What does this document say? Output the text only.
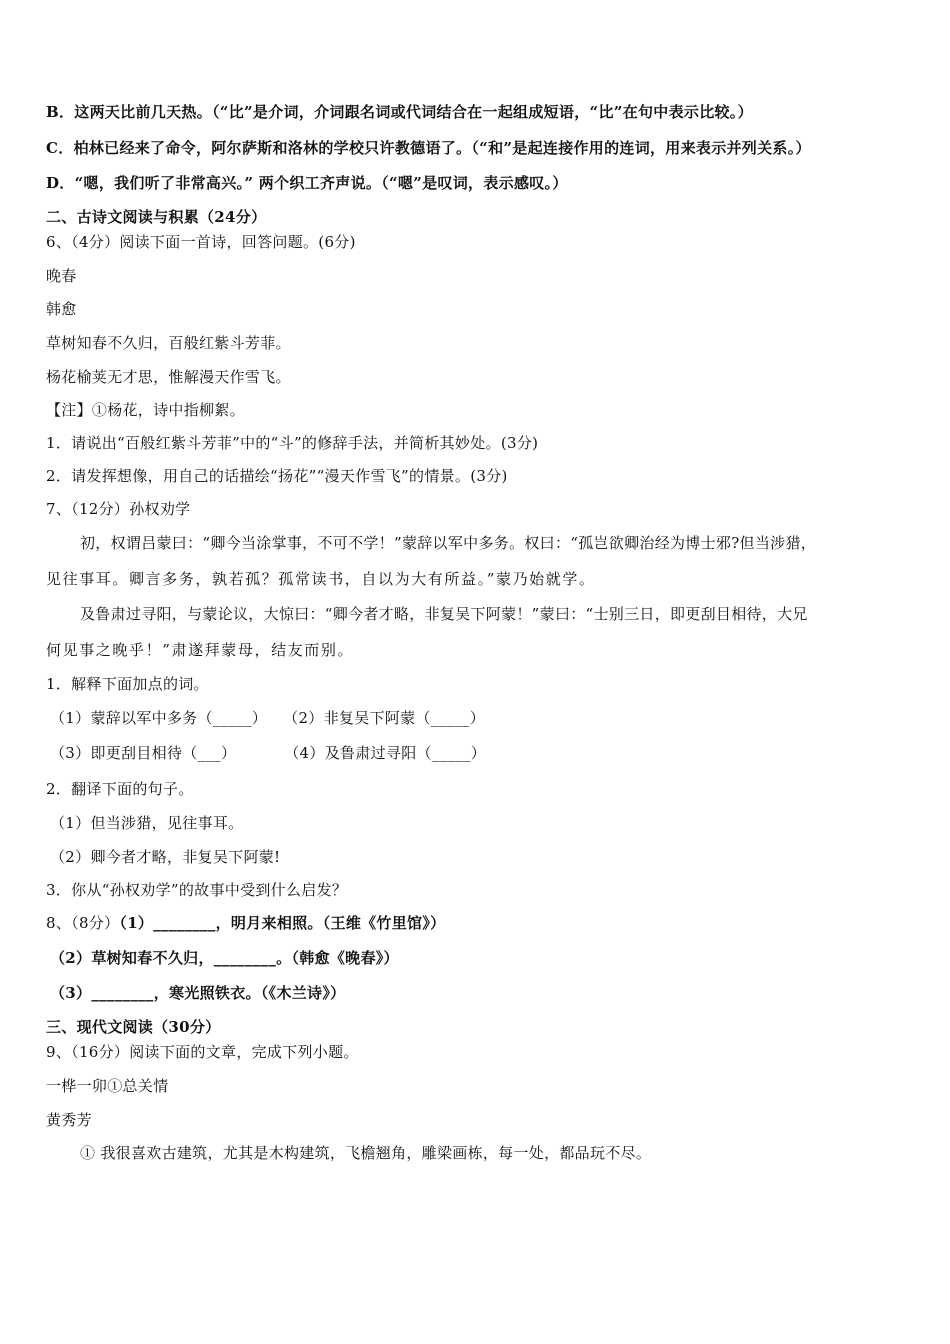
B．这两天比前几天热。（“比”是介词，介词跟名词或代词结合在一起组成短语，“比”在句中表示比较。）
C．柏林已经来了命令，阿尔萨斯和洛林的学校只许教德语了。（“和”是起连接作用的连词，用来表示并列关系。）
D．“嗯，我们听了非常高兴。” 两个织工齐声说。（“嗯”是叹词，表示感叹。）
二、古诗文阅读与积累（24分）
6、（4分）阅读下面一首诗，回答问题。(6分)
晚春
韩愈
草树知春不久归，百般红紫斗芳菲。
杨花榆荚无才思，惟解漫天作雪飞。
【注】①杨花，诗中指柳絮。
1．请说出“百般红紫斗芳菲”中的“斗”的修辞手法，并简析其妙处。(3分)
2．请发挥想像，用自己的话描绘“扬花”“漫天作雪飞”的情景。(3分)
7、（12分）孙权劝学
初，权谓吕蒙曰：“卿今当涂掌事，不可不学！”蒙辞以军中多务。权曰：“孤岂欲卿治经为博士邪?但当涉猎，
见往事耳。卿言多务，孰若孤？孤常读书，自以为大有所益。”蒙乃始就学。
及鲁肃过寻阳，与蒙论议，大惊曰：“卿今者才略，非复吴下阿蒙！”蒙曰：“士别三日，即更刮目相待，大兄
何见事之晚乎！”肃遂拜蒙母，结友而别。
1．解释下面加点的词。
（1）蒙辞以军中多务（_____） （2）非复吴下阿蒙（_____）
（3）即更刮目相待（___）	（4）及鲁肃过寻阳（_____）
2．翻译下面的句子。
（1）但当涉猎，见往事耳。
（2）卿今者才略，非复吴下阿蒙!
3．你从“孙权劝学”的故事中受到什么启发？
8、（8分）（1）________，明月来相照。（王维《竹里馆》）
（2）草树知春不久归，________。（韩愈《晚春》）
（3）________，寒光照铁衣。（《木兰诗》）
三、现代文阅读（30分）
9、（16分）阅读下面的文章，完成下列小题。
一桦一卯①总关情
黄秀芳
① 我很喜欢古建筑，尤其是木构建筑，飞檐翘角，雕梁画栋，每一处，都品玩不尽。
